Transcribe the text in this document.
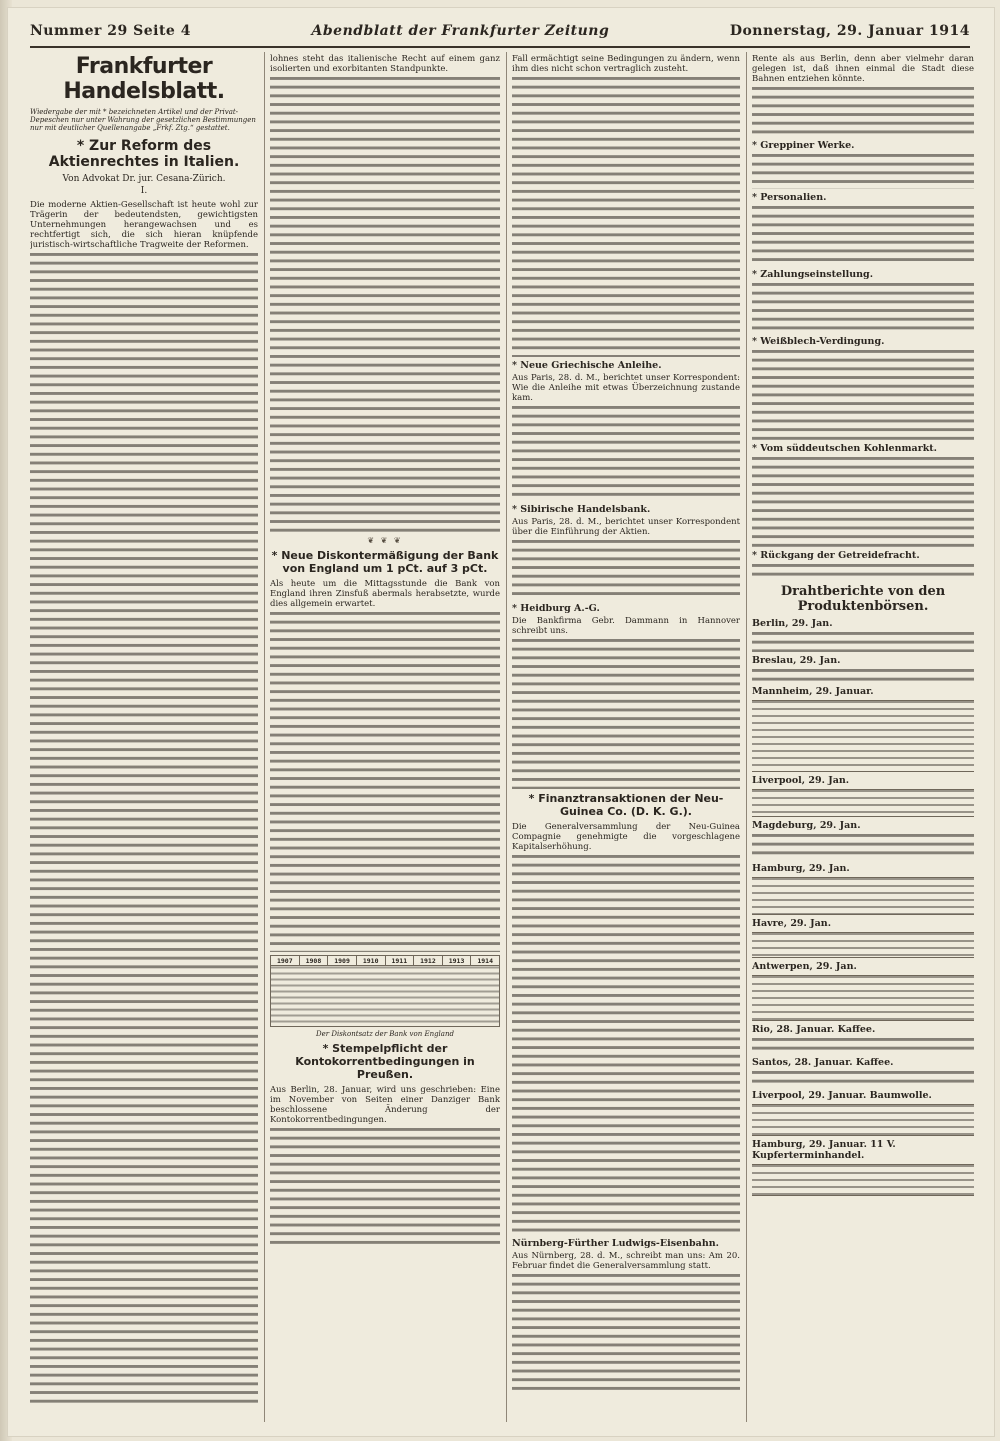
Nummer 29 Seite 4	Abendblatt der Frankfurter Zeitung	Donnerstag, 29. Januar 1914
Frankfurter Handelsblatt.
Wiedergabe der mit * bezeichneten Artikel und der Privat-Depeschen nur unter Wahrung der gesetzlichen Bestimmungen nur mit deutlicher Quellenangabe „Frkf. Ztg.“ gestattet.
* Zur Reform des Aktienrechtes in Italien.
Von Advokat Dr. jur. Cesana-Zürich.
I.
Die moderne Aktien-Gesellschaft ist heute wohl zur Trägerin der bedeutendsten, gewichtigsten Unternehmungen herangewachsen und es rechtfertigt sich, die sich hieran knüpfende juristisch-wirtschaftliche Tragweite der Reformen.
lohnes steht das italienische Recht auf einem ganz isolierten und exorbitanten Standpunkte.
❦ ❦ ❦
* Neue Diskontermäßigung der Bank von England um 1 pCt. auf 3 pCt.
Als heute um die Mittagsstunde die Bank von England ihren Zinsfuß abermals herabsetzte, wurde dies allgemein erwartet.
1907	1908	1909	1910	1911	1912	1913	1914

Der Diskontsatz der Bank von England
* Stempelpflicht der Kontokorrentbedingungen in Preußen.
Aus Berlin, 28. Januar, wird uns geschrieben: Eine im November von Seiten einer Danziger Bank beschlossene Änderung der Kontokorrentbedingungen.
Fall ermächtigt seine Bedingungen zu ändern, wenn ihm dies nicht schon vertraglich zusteht.
* Neue Griechische Anleihe.
Aus Paris, 28. d. M., berichtet unser Korrespondent: Wie die Anleihe mit etwas Überzeichnung zustande kam.
* Sibirische Handelsbank.
Aus Paris, 28. d. M., berichtet unser Korrespondent über die Einführung der Aktien.
* Heidburg A.-G.
Die Bankfirma Gebr. Dammann in Hannover schreibt uns.
* Finanztransaktionen der Neu-Guinea Co. (D. K. G.).
Die Generalversammlung der Neu-Guinea Compagnie genehmigte die vorgeschlagene Kapitalserhöhung.
Nürnberg-Fürther Ludwigs-Eisenbahn.
Aus Nürnberg, 28. d. M., schreibt man uns: Am 20. Februar findet die Generalversammlung statt.
Rente als aus Berlin, denn aber vielmehr daran gelegen ist, daß ihnen einmal die Stadt diese Bahnen entziehen könnte.
* Greppiner Werke.
* Personalien.
* Zahlungseinstellung.
* Weißblech-Verdingung.
* Vom süddeutschen Kohlenmarkt.
* Rückgang der Getreidefracht.
Drahtberichte von den Produktenbörsen.
Berlin, 29. Jan.
Breslau, 29. Jan.
Mannheim, 29. Januar.
Liverpool, 29. Jan.
Magdeburg, 29. Jan.
Hamburg, 29. Jan.
Havre, 29. Jan.
Antwerpen, 29. Jan.
Rio, 28. Januar. Kaffee.
Santos, 28. Januar. Kaffee.
Liverpool, 29. Januar. Baumwolle.
Hamburg, 29. Januar. 11 V. Kupferterminhandel.
